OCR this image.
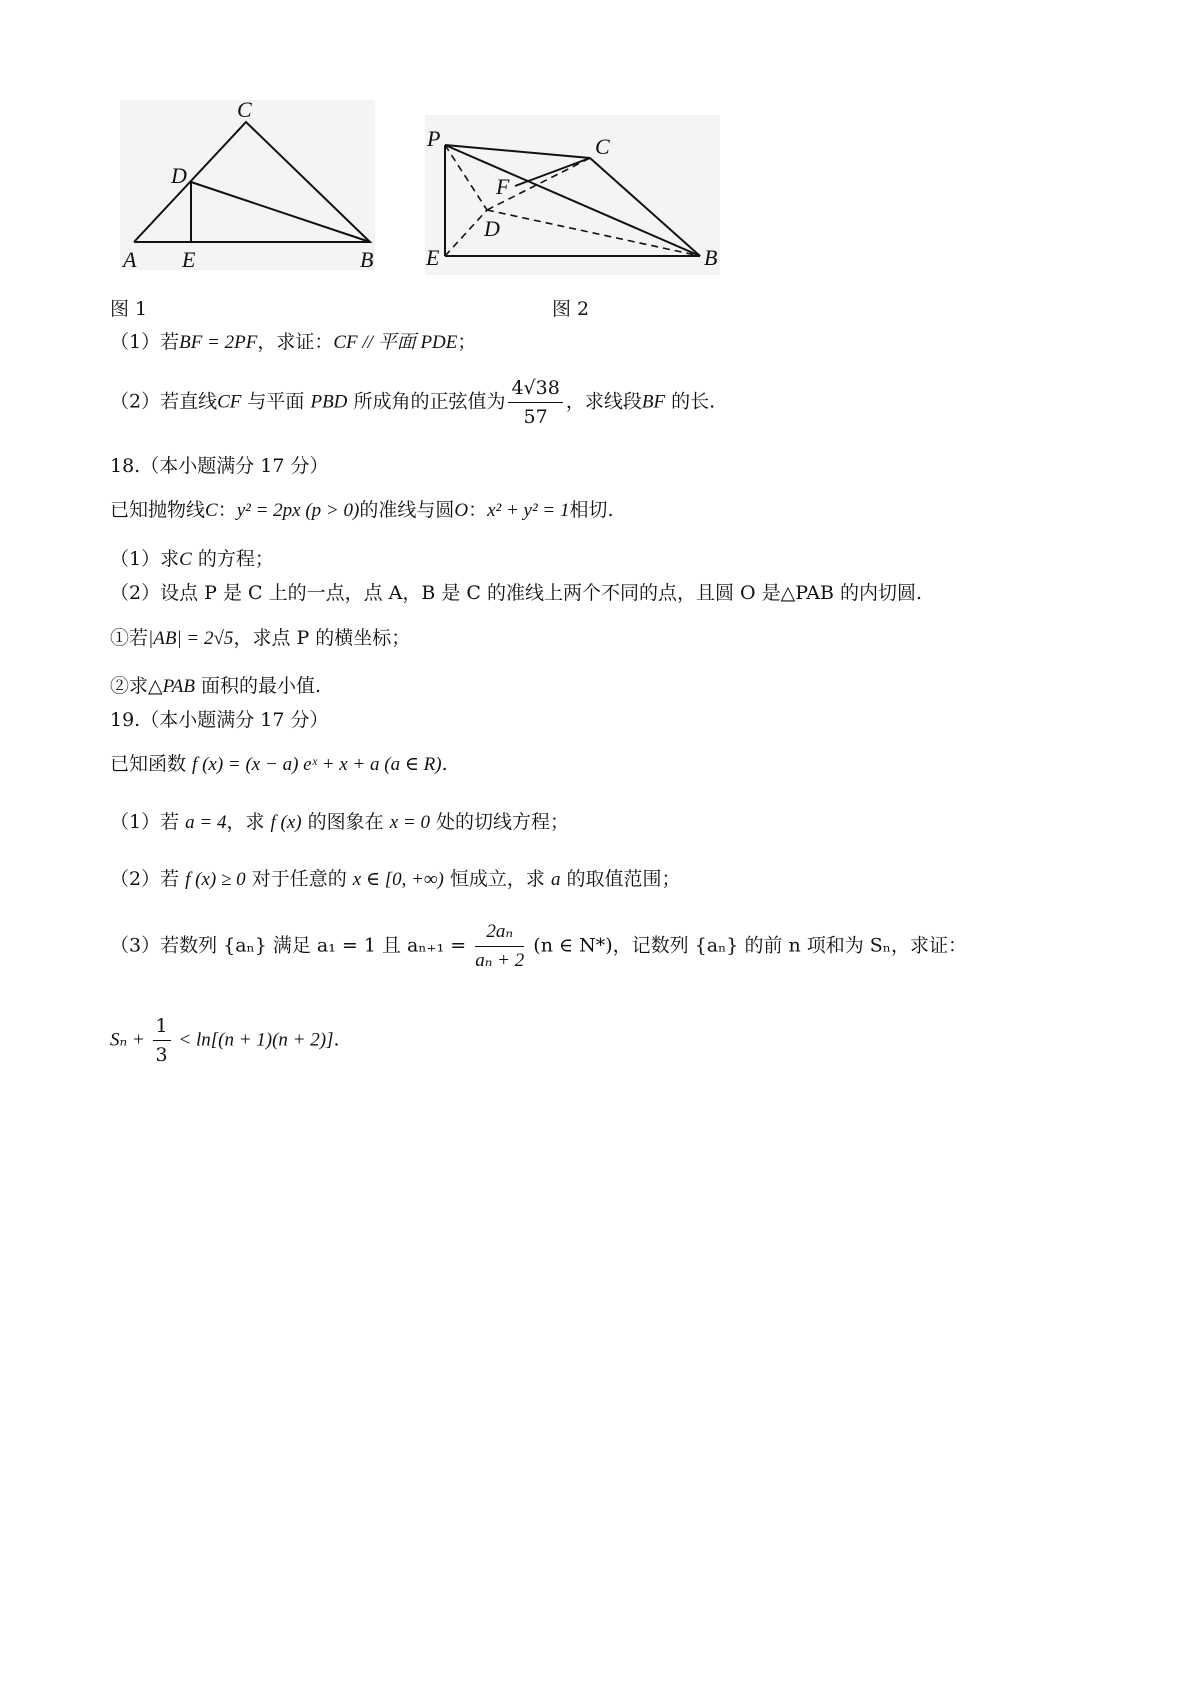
A E	B
C
D
P	C
F
D
E	B
图 1	图 2
（1）若BF = 2PF，求证：CF // 平面 PDE；
（2）若直线CF 与平面 PBD 所成角的正弦值为 $\frac{4√38}{57}$ ，求线段BF 的长.
18.（本小题满分 17 分）
已知抛物线C：y² = 2px (p > 0)的准线与圆O：x² + y² = 1相切.
（1）求C 的方程；
（2）设点 P 是 C 上的一点，点 A，B 是 C 的准线上两个不同的点，且圆 O 是△PAB 的内切圆.
①若|AB| = 2√5，求点 P 的横坐标；
②求△PAB 面积的最小值.
19.（本小题满分 17 分）
已知函数 f (x) = (x − a) eˣ + x + a (a ∈ R).
（1）若 a = 4，求 f (x) 的图象在 x = 0 处的切线方程；
（2）若 f (x) ≥ 0 对于任意的 x ∈ [0, +∞) 恒成立，求 a 的取值范围；
（3）若数列 {aₙ} 满足 a₁ = 1 且 $a_{n+1} = \frac{\text{2aₙ}}{\text{aₙ + 2}} (n$ ∈ N*)，记数列 {aₙ} 的前 n 项和为 Sₙ，求证：
$S_n + \frac{1}{3} < \ln[(n + 1)(n + 2)]$.
